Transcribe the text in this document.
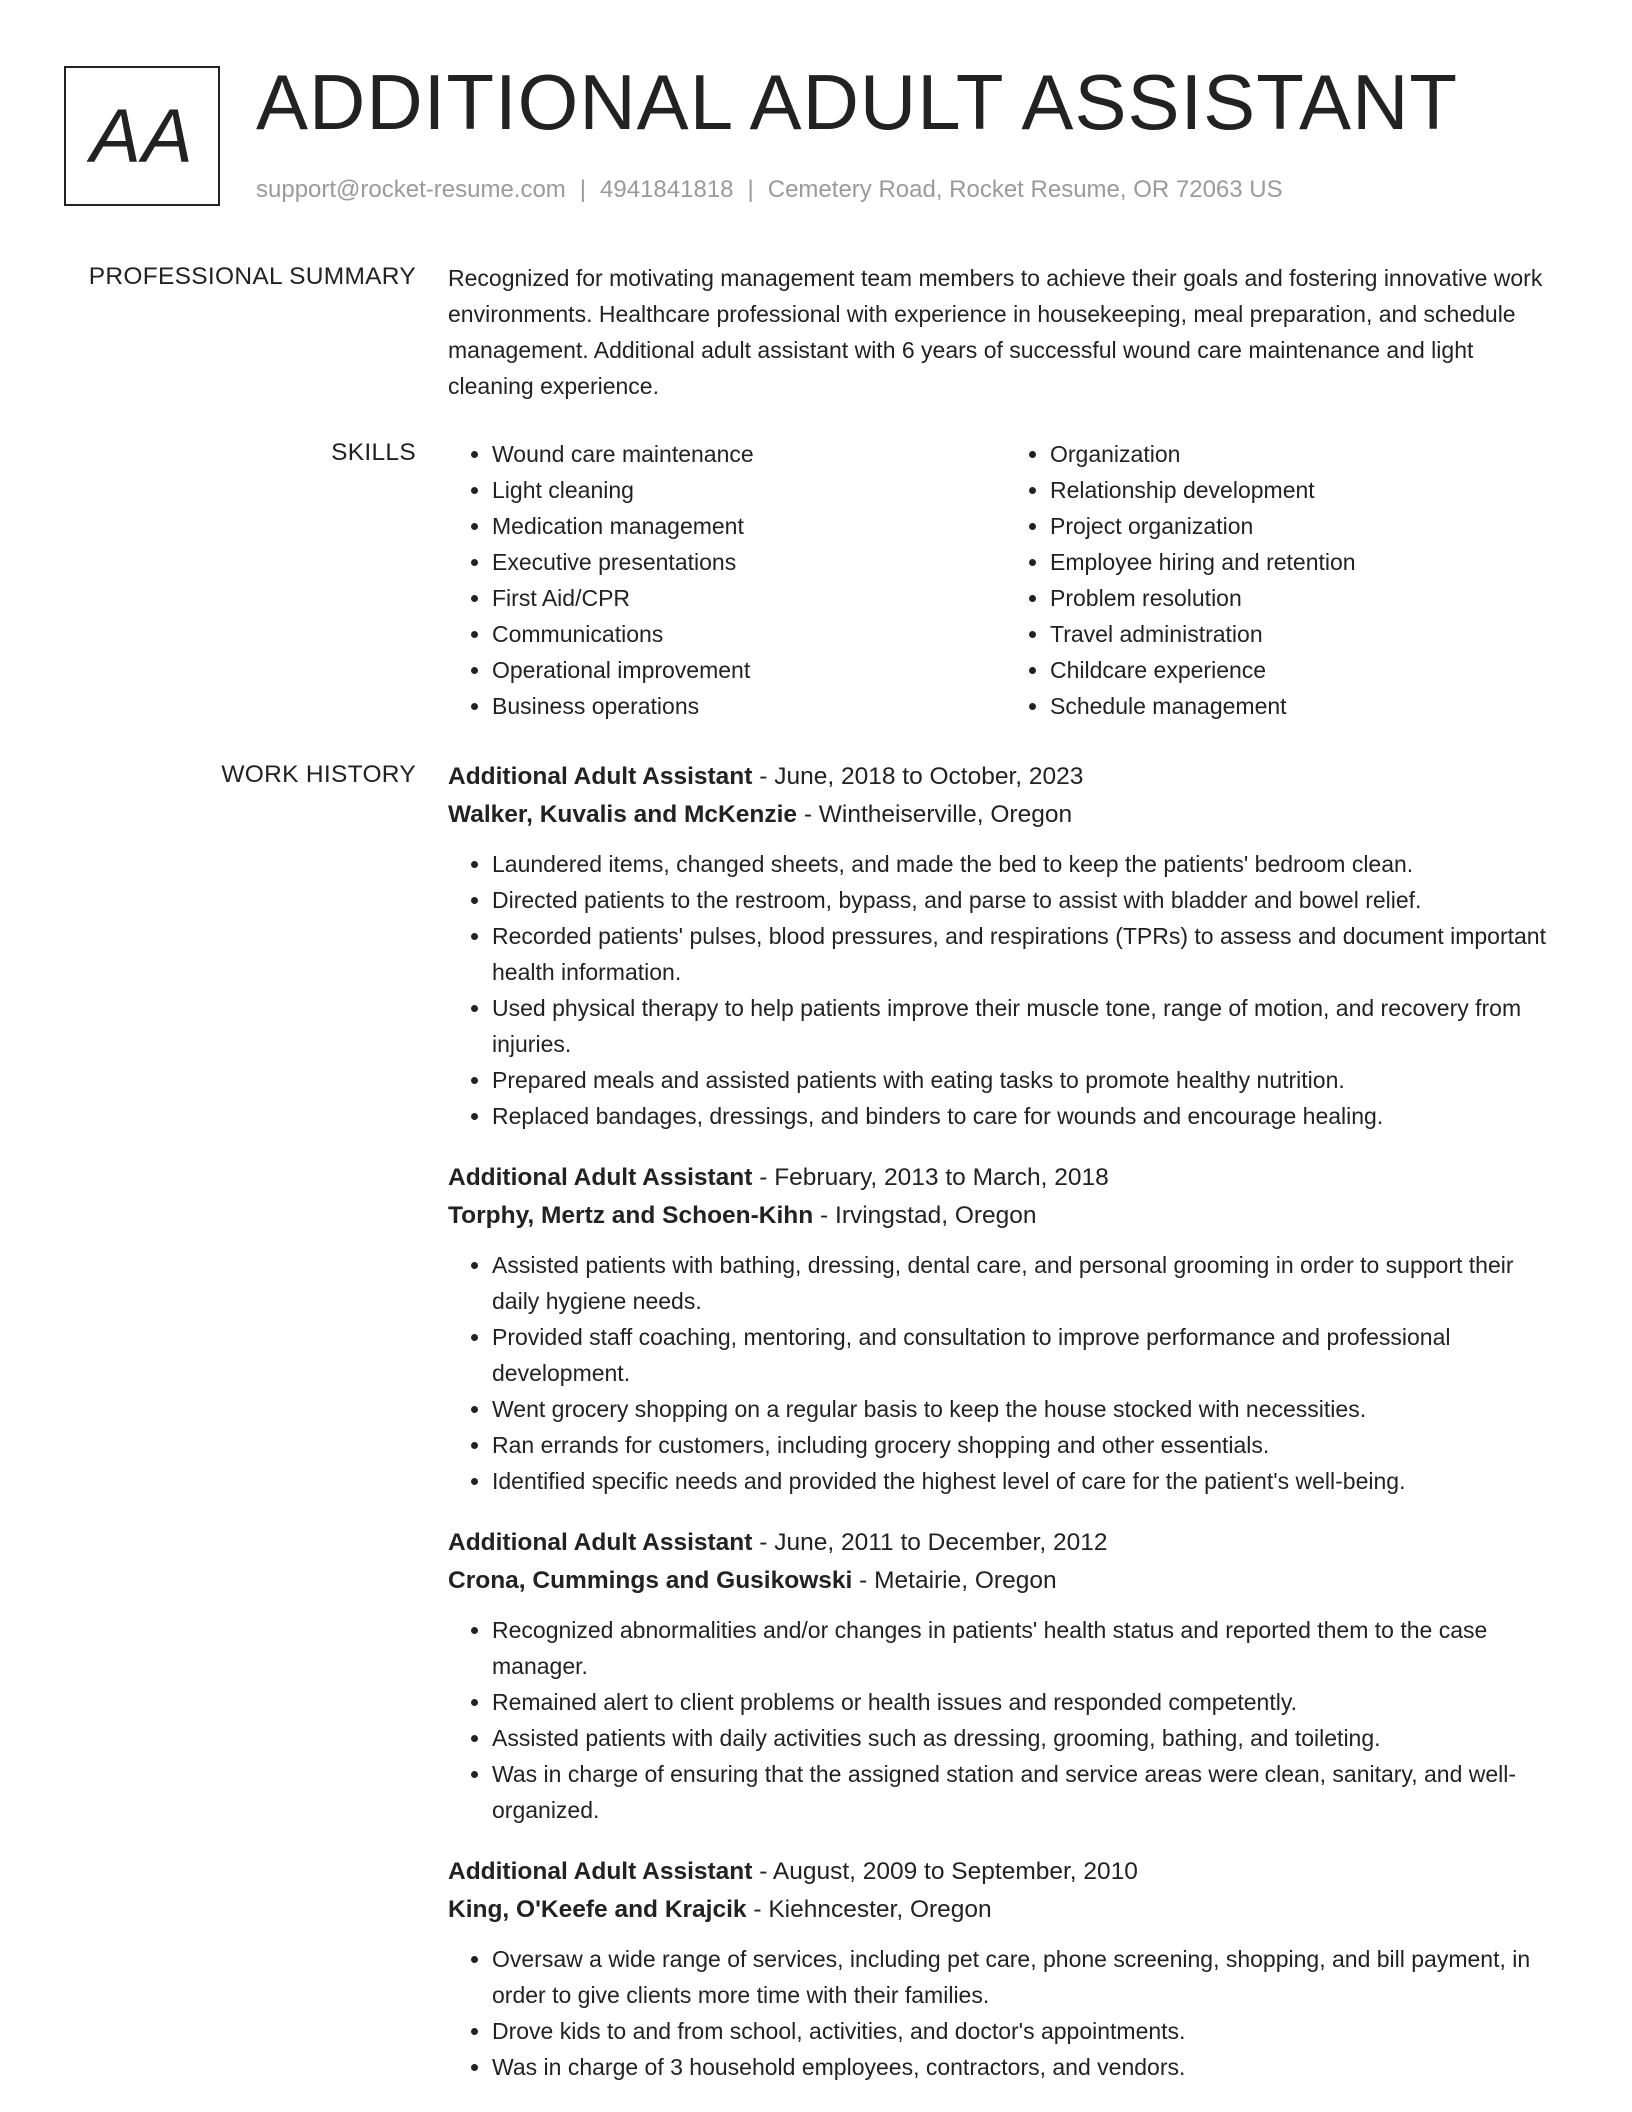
AA ADDITIONAL ADULT ASSISTANT
support@rocket-resume.com | 4941841818 | Cemetery Road, Rocket Resume, OR 72063 US
PROFESSIONAL SUMMARY Recognized for motivating management team members to achieve their goals and fostering innovative work environments. Healthcare professional with experience in housekeeping, meal preparation, and schedule management. Additional adult assistant with 6 years of successful wound care maintenance and light cleaning experience.

SKILLS
•	Wound care maintenance
• Light cleaning
• Medication management
• Executive presentations
• First Aid/CPR
• Communications
• Operational improvement
• Business operations
• Organization
• Relationship development
• Project organization
• Employee hiring and retention
• Problem resolution
• Travel administration
• Childcare experience
• Schedule management
WORK HISTORY Additional Adult Assistant - June, 2018 to October, 2023
Walker, Kuvalis and McKenzie - Wintheiserville, Oregon
• Laundered items, changed sheets, and made the bed to keep the patients' bedroom clean.
• Directed patients to the restroom, bypass, and parse to assist with bladder and bowel relief.
• Recorded patients' pulses, blood pressures, and respirations (TPRs) to assess and document important health information.
• Used physical therapy to help patients improve their muscle tone, range of motion, and recovery from injuries.
• Prepared meals and assisted patients with eating tasks to promote healthy nutrition.
• Replaced bandages, dressings, and binders to care for wounds and encourage healing.
Additional Adult Assistant - February, 2013 to March, 2018
Torphy, Mertz and Schoen-Kihn - Irvingstad, Oregon
• Assisted patients with bathing, dressing, dental care, and personal grooming in order to support their daily hygiene needs.
• Provided staff coaching, mentoring, and consultation to improve performance and professional development.
• Went grocery shopping on a regular basis to keep the house stocked with necessities.
• Ran errands for customers, including grocery shopping and other essentials.
• Identified specific needs and provided the highest level of care for the patient's well-being.
Additional Adult Assistant - June, 2011 to December, 2012
Crona, Cummings and Gusikowski - Metairie, Oregon
• Recognized abnormalities and/or changes in patients' health status and reported them to the case manager.
• Remained alert to client problems or health issues and responded competently.
• Assisted patients with daily activities such as dressing, grooming, bathing, and toileting.
• Was in charge of ensuring that the assigned station and service areas were clean, sanitary, and well-organized.
Additional Adult Assistant - August, 2009 to September, 2010
King, O'Keefe and Krajcik - Kiehncester, Oregon
• Oversaw a wide range of services, including pet care, phone screening, shopping, and bill payment, in order to give clients more time with their families.
• Drove kids to and from school, activities, and doctor's appointments.
• Was in charge of 3 household employees, contractors, and vendors.
